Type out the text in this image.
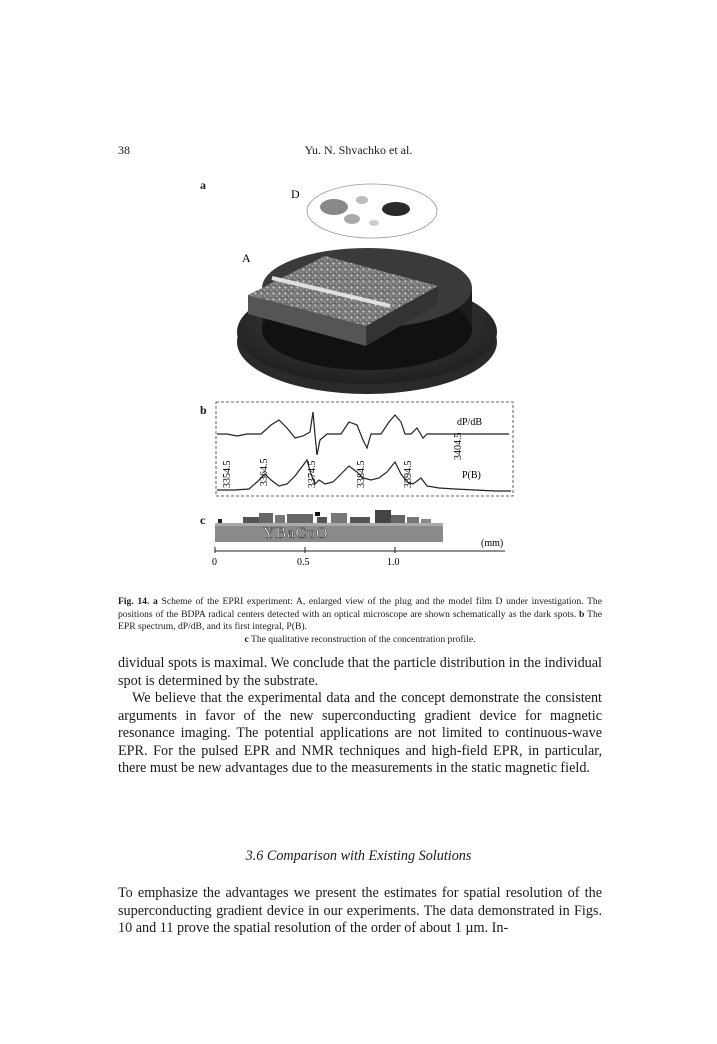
38	Yu. N. Shvachko et al.
a
D
A
b
dP/dB
P(B)
3354.5	3364.5	3374.5	3384.5	3394.5
3404.5
c
YBaCuO
(mm)
0	0.5	1.0
Fig. 14. a Scheme of the EPRI experiment: A, enlarged view of the plug and the model film D under investigation. The positions of the BDPA radical centers detected with an optical microscope are shown schematically as the dark spots. b The EPR spectrum, dP/dB, and its first integral, P(B).
c The qualitative reconstruction of the concentration profile.

dividual spots is maximal. We conclude that the particle distribution in the individual spot is determined by the substrate.

We believe that the experimental data and the concept demonstrate the consistent arguments in favor of the new superconducting gradient device for magnetic resonance imaging. The potential applications are not limited to continuous-wave EPR. For the pulsed EPR and NMR techniques and high-field EPR, in particular, there must be new advantages due to the measurements in the static magnetic field.

3.6 Comparison with Existing Solutions

To emphasize the advantages we present the estimates for spatial resolution of the superconducting gradient device in our experiments. The data demonstrated in Figs. 10 and 11 prove the spatial resolution of the order of about 1 µm. In-
